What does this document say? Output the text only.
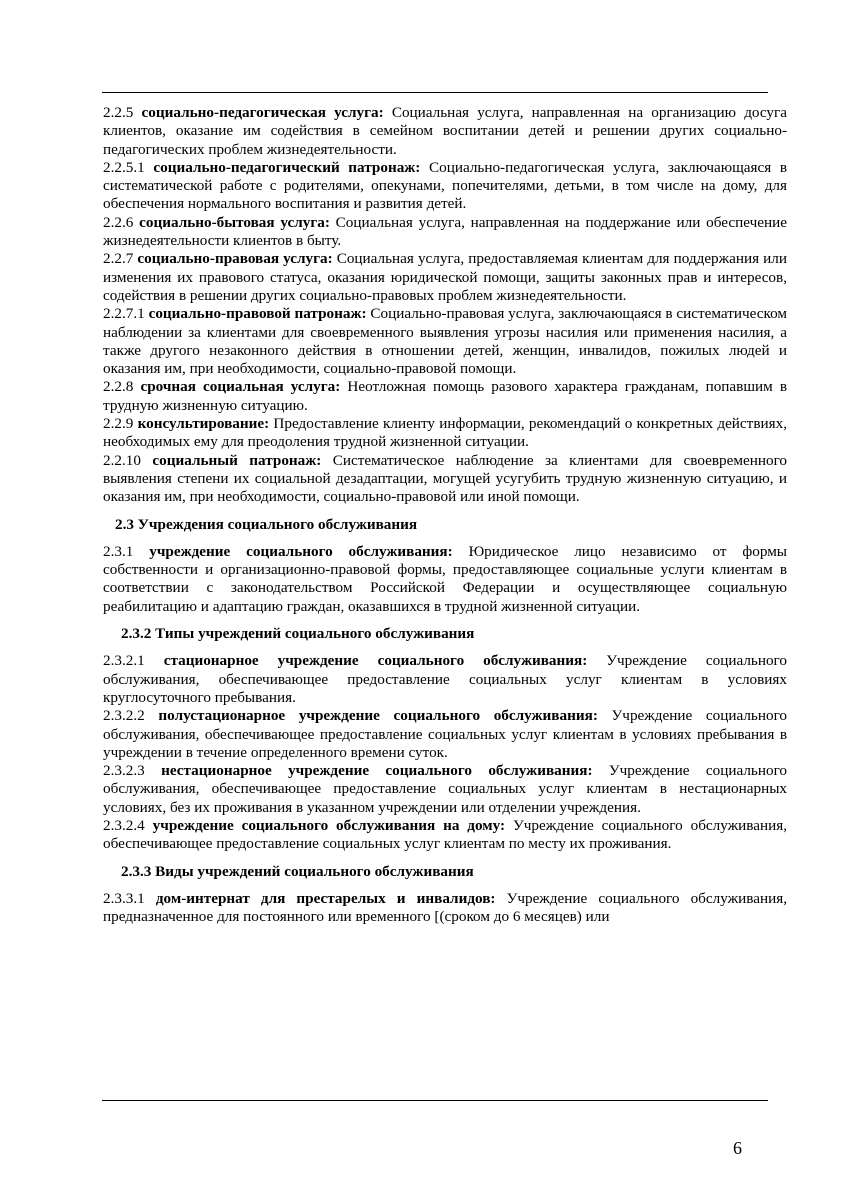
2.2.5 социально-педагогическая услуга: Социальная услуга, направленная на организацию досуга клиентов, оказание им содействия в семейном воспитании детей и решении других социально-педагогических проблем жизнедеятельности.

2.2.5.1 социально-педагогический патронаж: Социально-педагогическая услуга, заключающаяся в систематической работе с родителями, опекунами, попечителями, детьми, в том числе на дому, для обеспечения нормального воспитания и развития детей.

2.2.6 социально-бытовая услуга: Социальная услуга, направленная на поддержание или обеспечение жизнедеятельности клиентов в быту.

2.2.7 социально-правовая услуга: Социальная услуга, предоставляемая клиентам для поддержания или изменения их правового статуса, оказания юридической помощи, защиты законных прав и интересов, содействия в решении других социально-правовых проблем жизнедеятельности.

2.2.7.1 социально-правовой патронаж: Социально-правовая услуга, заключающаяся в систематическом наблюдении за клиентами для своевременного выявления угрозы насилия или применения насилия, а также другого незаконного действия в отношении детей, женщин, инвалидов, пожилых людей и оказания им, при необходимости, социально-правовой помощи.

2.2.8 срочная социальная услуга: Неотложная помощь разового характера гражданам, попавшим в трудную жизненную ситуацию.

2.2.9 консультирование: Предоставление клиенту информации, рекомендаций о конкретных действиях, необходимых ему для преодоления трудной жизненной ситуации.

2.2.10 социальный патронаж: Систематическое наблюдение за клиентами для своевременного выявления степени их социальной дезадаптации, могущей усугубить трудную жизненную ситуацию, и оказания им, при необходимости, социально-правовой или иной помощи.

2.3 Учреждения социального обслуживания

2.3.1 учреждение социального обслуживания: Юридическое лицо независимо от формы собственности и организационно-правовой формы, предоставляющее социальные услуги клиентам в соответствии с законодательством Российской Федерации и осуществляющее социальную реабилитацию и адаптацию граждан, оказавшихся в трудной жизненной ситуации.

2.3.2 Типы учреждений социального обслуживания

2.3.2.1 стационарное учреждение социального обслуживания: Учреждение социального обслуживания, обеспечивающее предоставление социальных услуг клиентам в условиях круглосуточного пребывания.

2.3.2.2 полустационарное учреждение социального обслуживания: Учреждение социального обслуживания, обеспечивающее предоставление социальных услуг клиентам в условиях пребывания в учреждении в течение определенного времени суток.

2.3.2.3 нестационарное учреждение социального обслуживания: Учреждение социального обслуживания, обеспечивающее предоставление социальных услуг клиентам в нестационарных условиях, без их проживания в указанном учреждении или отделении учреждения.

2.3.2.4 учреждение социального обслуживания на дому: Учреждение социального обслуживания, обеспечивающее предоставление социальных услуг клиентам по месту их проживания.

2.3.3 Виды учреждений социального обслуживания

2.3.3.1 дом-интернат для престарелых и инвалидов: Учреждение социального обслуживания, предназначенное для постоянного или временного [(сроком до 6 месяцев) или

6
